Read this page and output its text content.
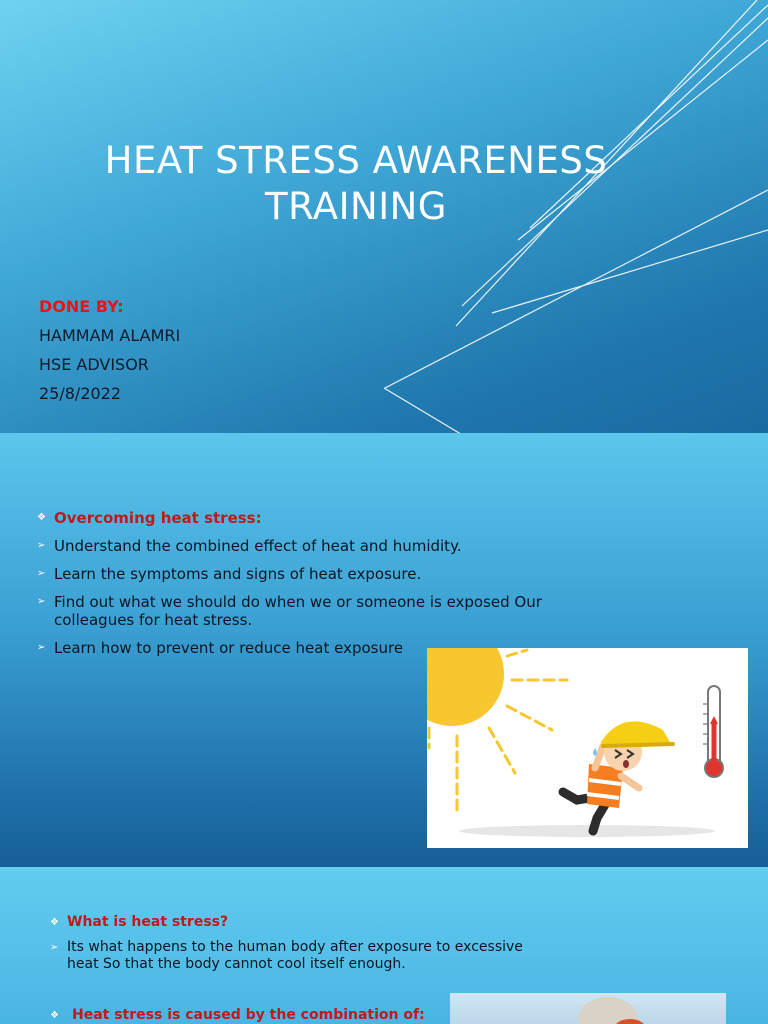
HEAT STRESS AWARENESS TRAINING
DONE BY:
HAMMAM ALAMRI
HSE ADVISOR
25/8/2022
❖ Overcoming heat stress:
➢ Understand the combined effect of heat and humidity.
➢ Learn the symptoms and signs of heat exposure.
➢ Find out what we should do when we or someone is exposed Our colleagues for heat stress.
➢ Learn how to prevent or reduce heat exposure
❖ What is heat stress?
➢ Its what happens to the human body after exposure to excessive
heat So that the body cannot cool itself enough.
❖ Heat stress is caused by the combination of:
